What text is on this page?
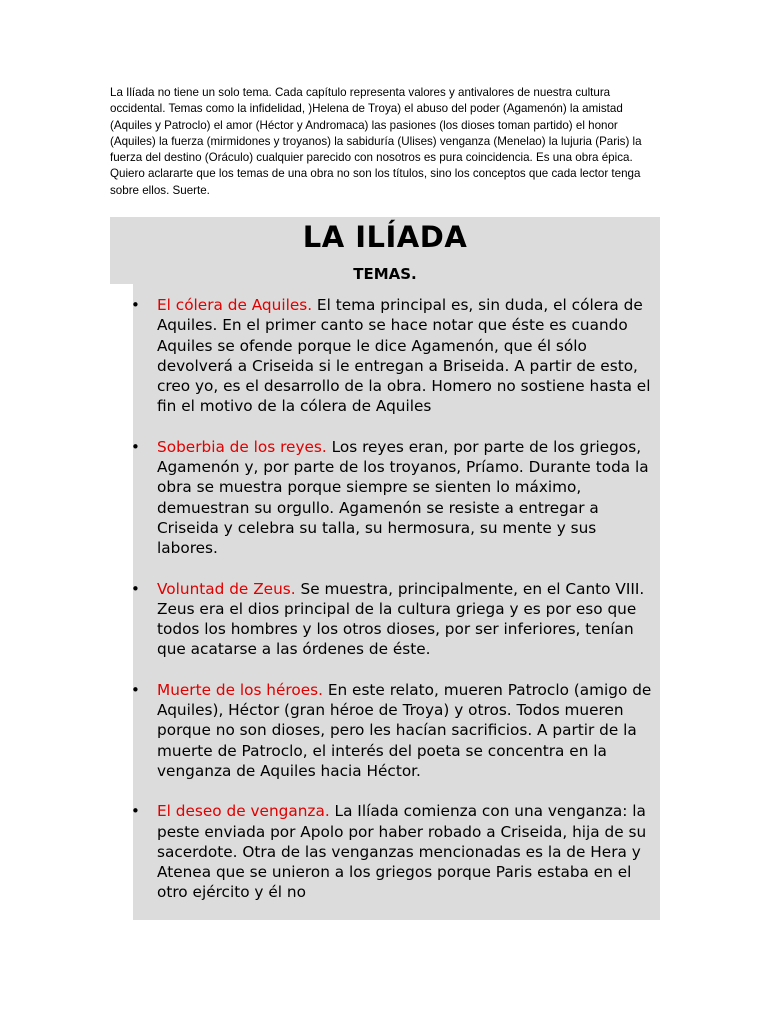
La Ilíada no tiene un solo tema. Cada capítulo representa valores y antivalores de nuestra cultura occidental. Temas como la infidelidad, )Helena de Troya) el abuso del poder (Agamenón) la amistad (Aquiles y Patroclo) el amor (Héctor y Andromaca) las pasiones (los dioses toman partido) el honor (Aquiles) la fuerza (mirmidones y troyanos) la sabiduría (Ulises) venganza (Menelao) la lujuria (Paris) la fuerza del destino (Oráculo) cualquier parecido con nosotros es pura coincidencia. Es una obra épica. Quiero aclararte que los temas de una obra no son los títulos, sino los conceptos que cada lector tenga sobre ellos. Suerte.

LA ILÍADA
TEMAS.
• El cólera de Aquiles. El tema principal es, sin duda, el cólera de Aquiles. En el primer canto se hace notar que éste es cuando Aquiles se ofende porque le dice Agamenón, que él sólo devolverá a Criseida si le entregan a Briseida. A partir de esto, creo yo, es el desarrollo de la obra. Homero no sostiene hasta el fin el motivo de la cólera de Aquiles
• Soberbia de los reyes. Los reyes eran, por parte de los griegos, Agamenón y, por parte de los troyanos, Príamo. Durante toda la obra se muestra porque siempre se sienten lo máximo, demuestran su orgullo. Agamenón se resiste a entregar a Criseida y celebra su talla, su hermosura, su mente y sus labores.
• Voluntad de Zeus. Se muestra, principalmente, en el Canto VIII. Zeus era el dios principal de la cultura griega y es por eso que todos los hombres y los otros dioses, por ser inferiores, tenían que acatarse a las órdenes de éste.
• Muerte de los héroes. En este relato, mueren Patroclo (amigo de Aquiles), Héctor (gran héroe de Troya) y otros. Todos mueren porque no son dioses, pero les hacían sacrificios. A partir de la muerte de Patroclo, el interés del poeta se concentra en la venganza de Aquiles hacia Héctor.
• El deseo de venganza. La Ilíada comienza con una venganza: la peste enviada por Apolo por haber robado a Criseida, hija de su sacerdote. Otra de las venganzas mencionadas es la de Hera y Atenea que se unieron a los griegos porque Paris estaba en el otro ejército y él no
